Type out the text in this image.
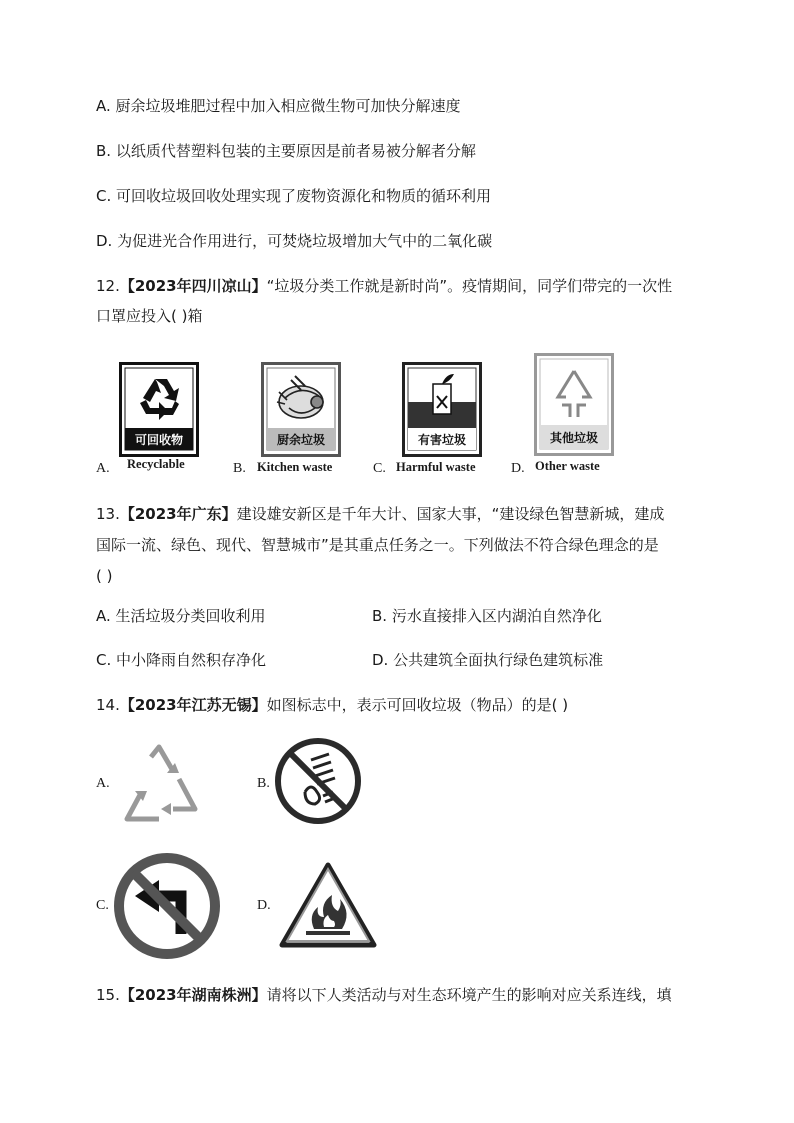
A. 厨余垃圾堆肥过程中加入相应微生物可加快分解速度
B. 以纸质代替塑料包装的主要原因是前者易被分解者分解
C. 可回收垃圾回收处理实现了废物资源化和物质的循环利用
D. 为促进光合作用进行，可焚烧垃圾增加大气中的二氧化碳
12.【2023年四川凉山】“垃圾分类工作就是新时尚”。疫情期间，同学们带完的一次性
口罩应投入( )箱
A.
可回收物
Recyclable	B.
厨余垃圾
Kitchen waste	C.
有害垃圾
Harmful waste	D.
其他垃圾
Other waste
13.【2023年广东】建设雄安新区是千年大计、国家大事，“建设绿色智慧新城，建成
国际一流、绿色、现代、智慧城市”是其重点任务之一。下列做法不符合绿色理念的是
( )
A. 生活垃圾分类回收利用	B. 污水直接排入区内湖泊自然净化
C. 中小降雨自然积存净化	D. 公共建筑全面执行绿色建筑标准
14.【2023年江苏无锡】如图标志中，表示可回收垃圾（物品）的是( )
A.	B.
C.	D.
15.【2023年湖南株洲】请将以下人类活动与对生态环境产生的影响对应关系连线，填
